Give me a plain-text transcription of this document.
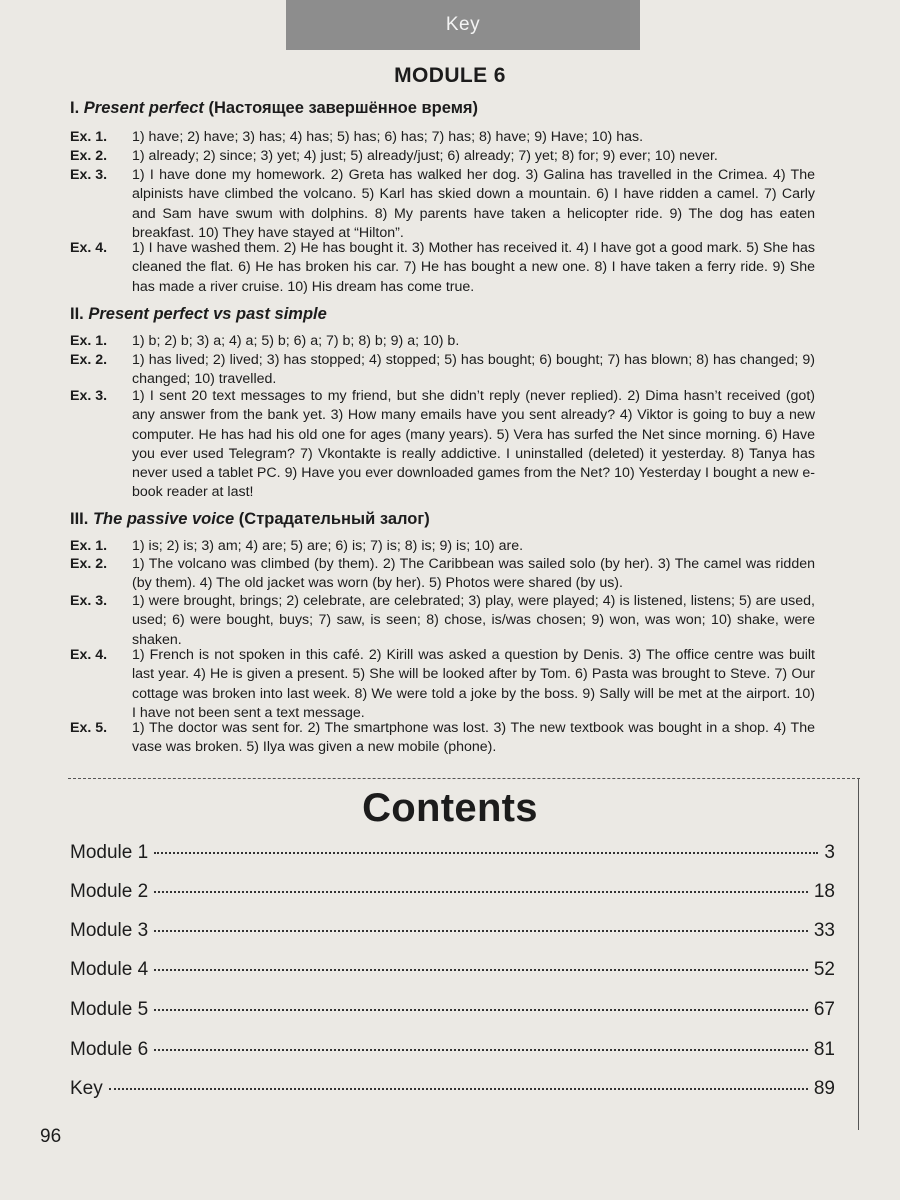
Key
MODULE 6
I. Present perfect (Настоящее завершённое время)
Ex. 1.	1) have; 2) have; 3) has; 4) has; 5) has; 6) has; 7) has; 8) have; 9) Have; 10) has.
Ex. 2.	1) already; 2) since; 3) yet; 4) just; 5) already/just; 6) already; 7) yet; 8) for; 9) ever; 10) never.
Ex. 3.	1) I have done my homework. 2) Greta has walked her dog. 3) Galina has travelled in the Crimea. 4) The alpinists have climbed the volcano. 5) Karl has skied down a mountain. 6) I have ridden a camel. 7) Carly and Sam have swum with dolphins. 8) My parents have taken a helicopter ride. 9) The dog has eaten breakfast. 10) They have stayed at “Hilton”.
Ex. 4.	1) I have washed them. 2) He has bought it. 3) Mother has received it. 4) I have got a good mark. 5) She has cleaned the flat. 6) He has broken his car. 7) He has bought a new one. 8) I have taken a ferry ride. 9) She has made a river cruise. 10) His dream has come true.
II. Present perfect vs past simple
Ex. 1.	1) b; 2) b; 3) a; 4) a; 5) b; 6) a; 7) b; 8) b; 9) a; 10) b.
Ex. 2.	1) has lived; 2) lived; 3) has stopped; 4) stopped; 5) has bought; 6) bought; 7) has blown; 8) has changed; 9) changed; 10) travelled.
Ex. 3.	1) I sent 20 text messages to my friend, but she didn’t reply (never replied). 2) Dima hasn’t received (got) any answer from the bank yet. 3) How many emails have you sent already? 4) Viktor is going to buy a new computer. He has had his old one for ages (many years). 5) Vera has surfed the Net since morning. 6) Have you ever used Telegram? 7) Vkontakte is really addictive. I uninstalled (deleted) it yesterday. 8) Tanya has never used a tablet PC. 9) Have you ever downloaded games from the Net? 10) Yesterday I bought a new e-book reader at last!
III. The passive voice (Страдательный залог)
Ex. 1.	1) is; 2) is; 3) am; 4) are; 5) are; 6) is; 7) is; 8) is; 9) is; 10) are.
Ex. 2.	1) The volcano was climbed (by them). 2) The Caribbean was sailed solo (by her). 3) The camel was ridden (by them). 4) The old jacket was worn (by her). 5) Photos were shared (by us).
Ex. 3.	1) were brought, brings; 2) celebrate, are celebrated; 3) play, were played; 4) is listened, listens; 5) are used, used; 6) were bought, buys; 7) saw, is seen; 8) chose, is/was chosen; 9) won, was won; 10) shake, were shaken.
Ex. 4.	1) French is not spoken in this café. 2) Kirill was asked a question by Denis. 3) The office centre was built last year. 4) He is given a present. 5) She will be looked after by Tom. 6) Pasta was brought to Steve. 7) Our cottage was broken into last week. 8) We were told a joke by the boss. 9) Sally will be met at the airport. 10) I have not been sent a text message.
Ex. 5.	1) The doctor was sent for. 2) The smartphone was lost. 3) The new textbook was bought in a shop. 4) The vase was broken. 5) Ilya was given a new mobile (phone).
Contents
Module 1	3
Module 2	18
Module 3	33
Module 4	52
Module 5	67
Module 6	81
Key	89
96
